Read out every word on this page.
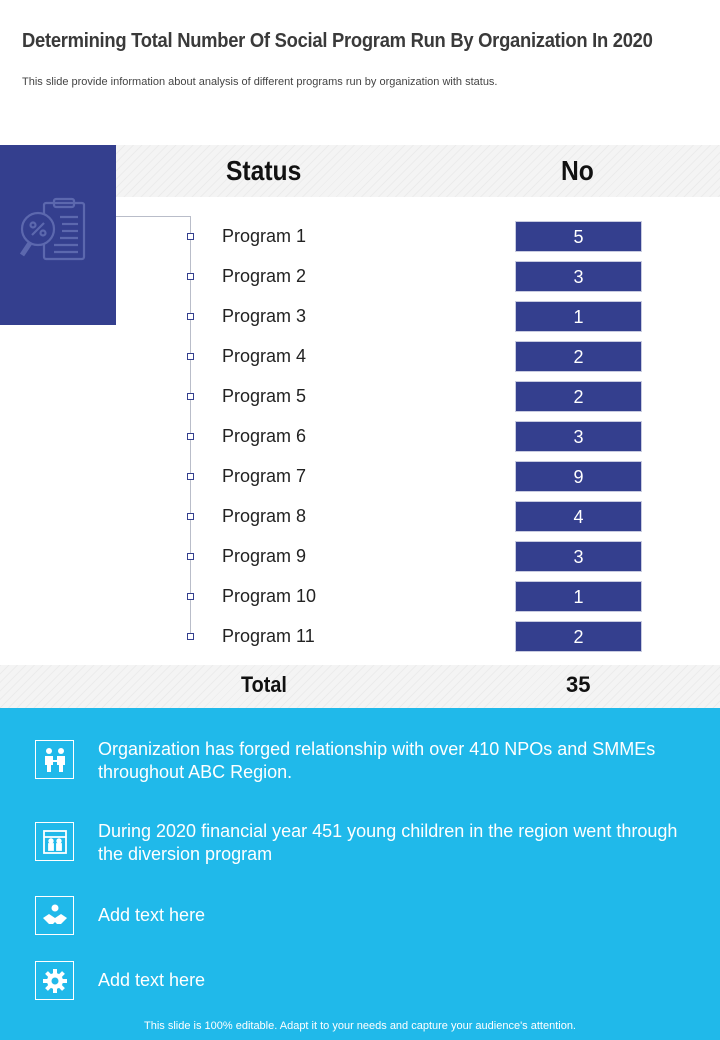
Determining Total Number Of Social Program Run By Organization In 2020
This slide provide information about analysis of different programs run by organization with status.
Status	No
Program 1	5
Program 2	3
Program 3	1
Program 4	2
Program 5	2
Program 6	3
Program 7	9
Program 8	4
Program 9	3
Program 10	1
Program 11	2
Total	35
Organization has forged relationship with over 410 NPOs and SMMEs throughout ABC Region.
During 2020 financial year 451 young children in the region went through the diversion program
Add text here
Add text here
This slide is 100% editable. Adapt it to your needs and capture your audience's attention.
